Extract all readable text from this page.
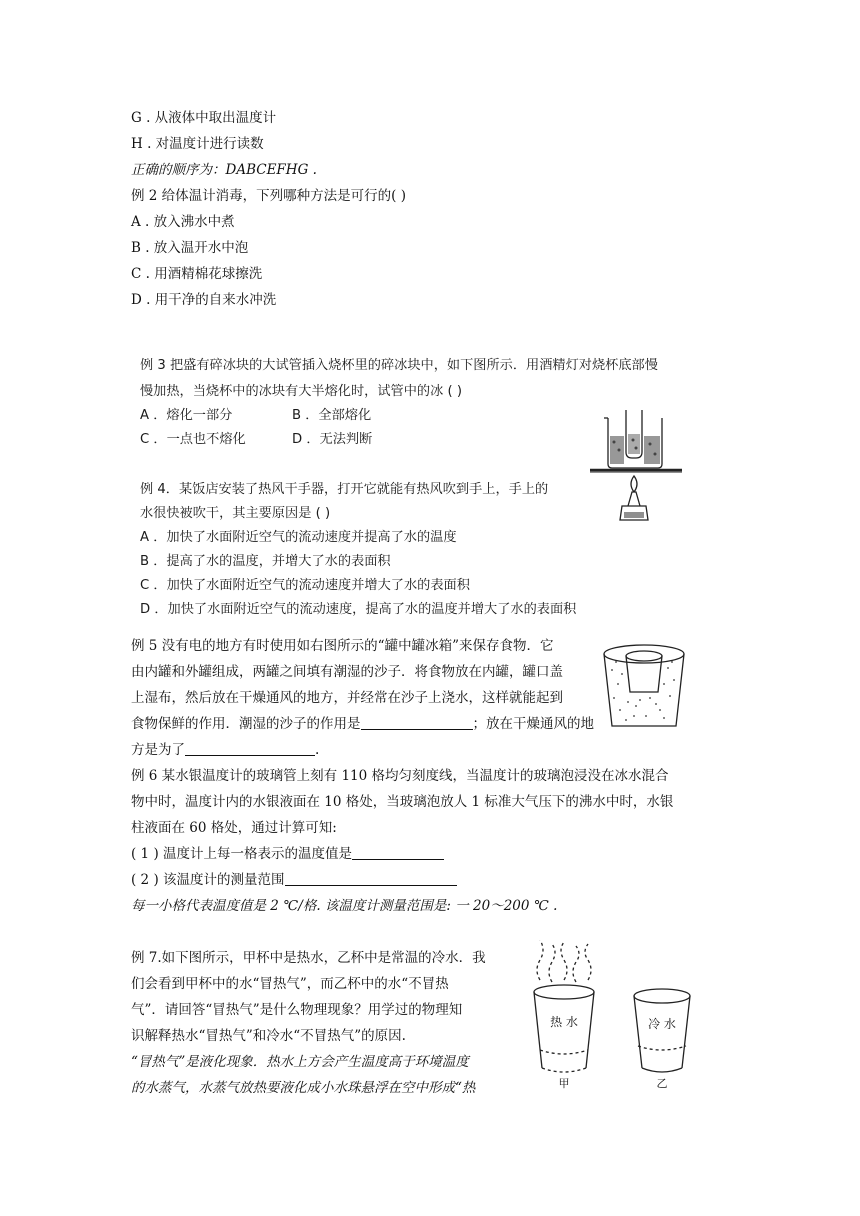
G . 从液体中取出温度计
H . 对温度计进行读数
正确的顺序为：DABCEFHG .
例 2 给体温计消毒，下列哪种方法是可行的( )
A . 放入沸水中煮
B . 放入温开水中泡
C . 用酒精棉花球擦洗
D . 用干净的自来水冲洗
例 3 把盛有碎冰块的大试管插入烧杯里的碎冰块中，如下图所示．用酒精灯对烧杯底部慢
慢加热，当烧杯中的冰块有大半熔化时，试管中的冰 ( )
A ．熔化一部分	B ．全部熔化
C ．一点也不熔化	D ．无法判断
例 4．某饭店安装了热风干手器，打开它就能有热风吹到手上，手上的
水很快被吹干，其主要原因是 ( )
A ．加快了水面附近空气的流动速度并提高了水的温度
B ．提高了水的温度，并增大了水的表面积
C ．加快了水面附近空气的流动速度并增大了水的表面积
D ．加快了水面附近空气的流动速度，提高了水的温度并增大了水的表面积
例 5 没有电的地方有时使用如右图所示的“罐中罐冰箱”来保存食物．它
由内罐和外罐组成，两罐之间填有潮湿的沙子．将食物放在内罐，罐口盖
上湿布，然后放在干燥通风的地方，并经常在沙子上浇水，这样就能起到
食物保鲜的作用．潮湿的沙子的作用是	；放在干燥通风的地
方是为了	.
例 6 某水银温度计的玻璃管上刻有 110 格均匀刻度线，当温度计的玻璃泡浸没在冰水混合
物中时，温度计内的水银液面在 10 格处，当玻璃泡放人 1 标准大气压下的沸水中时，水银
柱液面在 60 格处，通过计算可知:
( 1 ) 温度计上每一格表示的温度值是
( 2 ) 该温度计的测量范围
每一小格代表温度值是 2 ℃/格. 该温度计测量范围是: 一 20～200 ℃ .
例 7.如下图所示，甲杯中是热水，乙杯中是常温的冷水．我
们会看到甲杯中的水“冒热气”，而乙杯中的水“不冒热
气”．请回答“冒热气”是什么物理现象？用学过的物理知
识解释热水“冒热气”和冷水“不冒热气”的原因.
“冒热气”是液化现象．热水上方会产生温度高于环境温度
的水蒸气，水蒸气放热要液化成小水珠悬浮在空中形成“热
热 水	冷 水
甲	乙
